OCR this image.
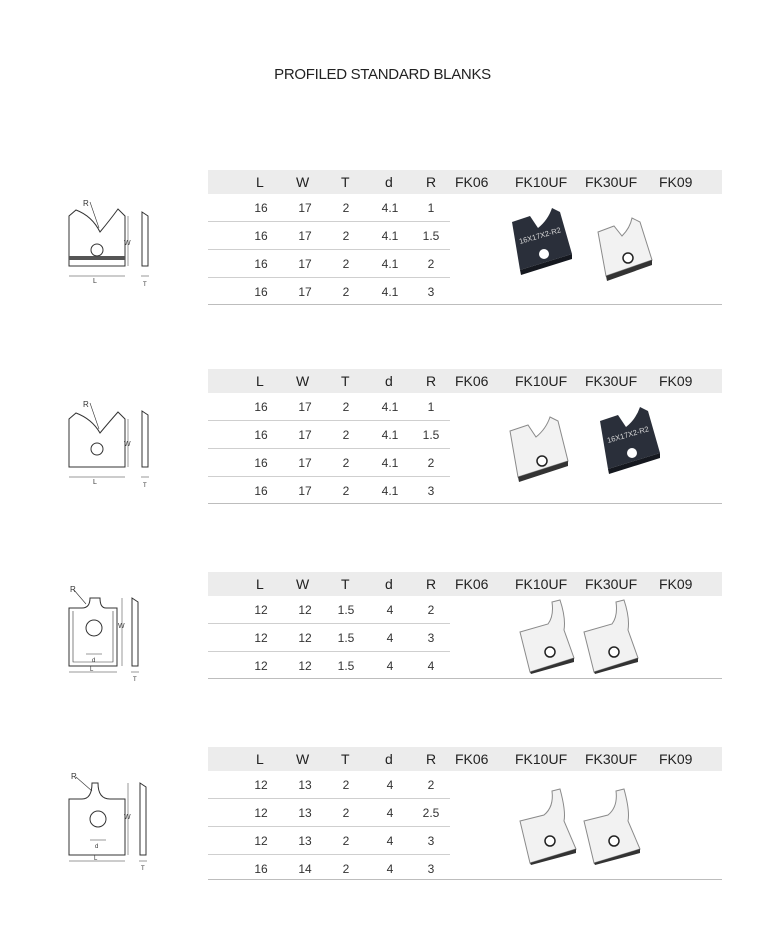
PROFILED STANDARD BLANKS
R
W
L	T
L W T	d R FK06 FK10UF FK30UF FK09
16	17	2	4.1	1
16	17	2	4.1	1.5
16	17	2	4.1	2
16	17	2	4.1	3
16X17X2-R2
R
W
L	T
L W T	d R FK06 FK10UF FK30UF FK09
16	17	2	4.1	1
16	17	2	4.1	1.5
16	17	2	4.1	2
16	17	2	4.1	3
16X17X2-R2
R
W
d
L
T
L W T	d R FK06 FK10UF FK30UF FK09
12	12	1.5	4	2
12	12	1.5	4	3
12	12	1.5	4	4
R
W
d
L
T
L W T	d R FK06 FK10UF FK30UF FK09
12	13	2	4	2
12	13	2	4	2.5
12	13	2	4	3
16	14	2	4	3
